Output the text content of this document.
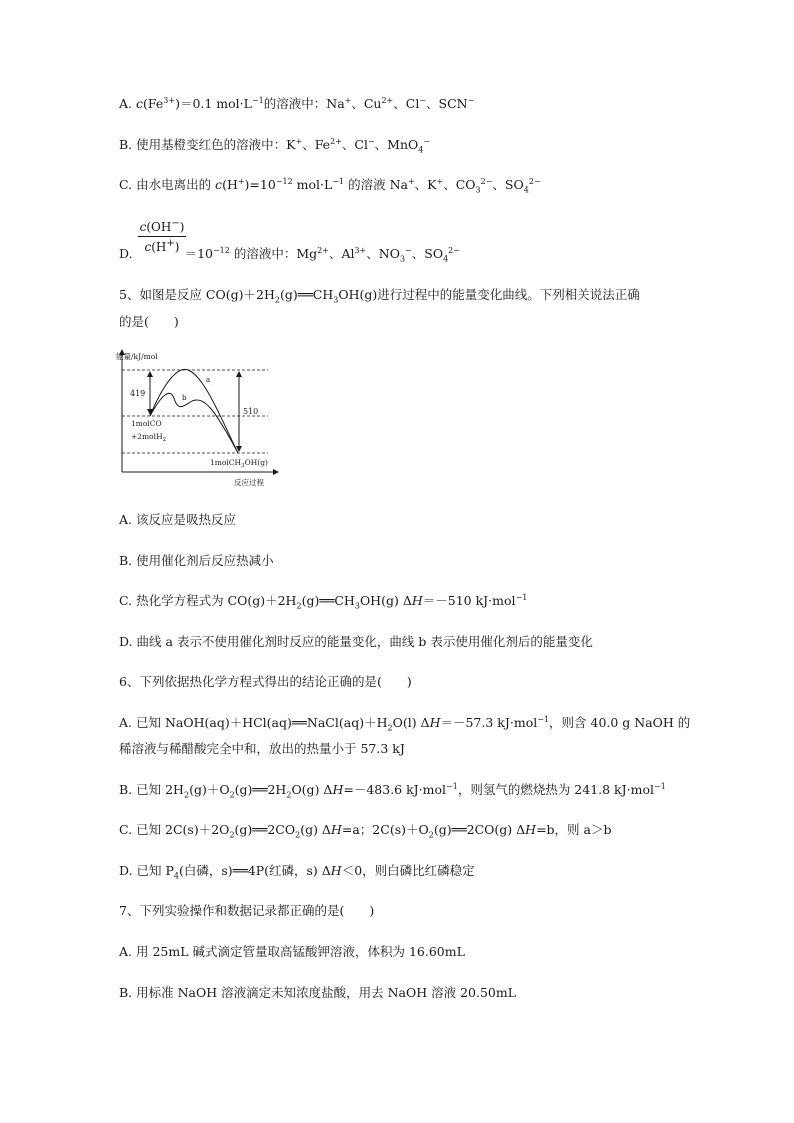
A. $c(Fe^{3+})=0.1$ $mol\cdot L^{-1}$的溶液中：Na+、$Cu^{2+}$、Cl−、SCN−
B. 使用基橙变红色的溶液中：K+、$Fe^{2+}$、Cl−、MnO$_4$−
C. 由水电离出的 $c(H^+)=10^{-12}$ $mol\cdot L^{-1}$ 的溶液 Na+、K+、$CO_3^{2-}$、$SO_4^{2-}$
$\frac{c(OH^-)}{c(H^+)}$
D.	$=10^{-12}$ 的溶液中：$Mg^{2+}$、$Al^{3+}$、$NO_3^-$、$SO_4^{2-}$
5、如图是反应 $CO(g)+2H_2(g)══CH_3OH(g)$进行过程中的能量变化曲线。下列相关说法正确
的是(　　)
能量/kJ/mol
419
510
a
b
1molCO
+2molH$_2$
1molCH$_3$OH(g)
反应过程
A. 该反应是吸热反应
B. 使用催化剂后反应热减小
C. 热化学方程式为 $CO(g)+2H_2(g)══CH_3OH(g)$ ΔH＝－510 kJ·mol$^{-1}$
D. 曲线 a 表示不使用催化剂时反应的能量变化，曲线 b 表示使用催化剂后的能量变化
6、下列依据热化学方程式得出的结论正确的是(　　)
A. 已知 $NaOH(aq)+HCl(aq)══NaCl(aq)+H_2O(l)$ ΔH＝－57.3 kJ·mol$^{-1}$，则含 40.0 g NaOH 的
稀溶液与稀醋酸完全中和，放出的热量小于 57.3 kJ
B. 已知 $2H_2(g)+O_2(g)══2H_2O(g)$ ΔH=－483.6 kJ·mol$^{-1}$，则氢气的燃烧热为 241.8 kJ·mol$^{-1}$
C. 已知 $2C(s)+2O_2(g)══2CO_2(g)$ ΔH=a；$2C(s)+O_2(g)══2CO(g)$ ΔH=b，则 a＞b
D. 已知 $P_4$(白磷，s)══4P(红磷，s) ΔH＜0，则白磷比红磷稳定
7、下列实验操作和数据记录都正确的是(　　)
A. 用 25mL 碱式滴定管量取高锰酸钾溶液，体积为 16.60mL
B. 用标准 NaOH 溶液滴定未知浓度盐酸，用去 NaOH 溶液 20.50mL
